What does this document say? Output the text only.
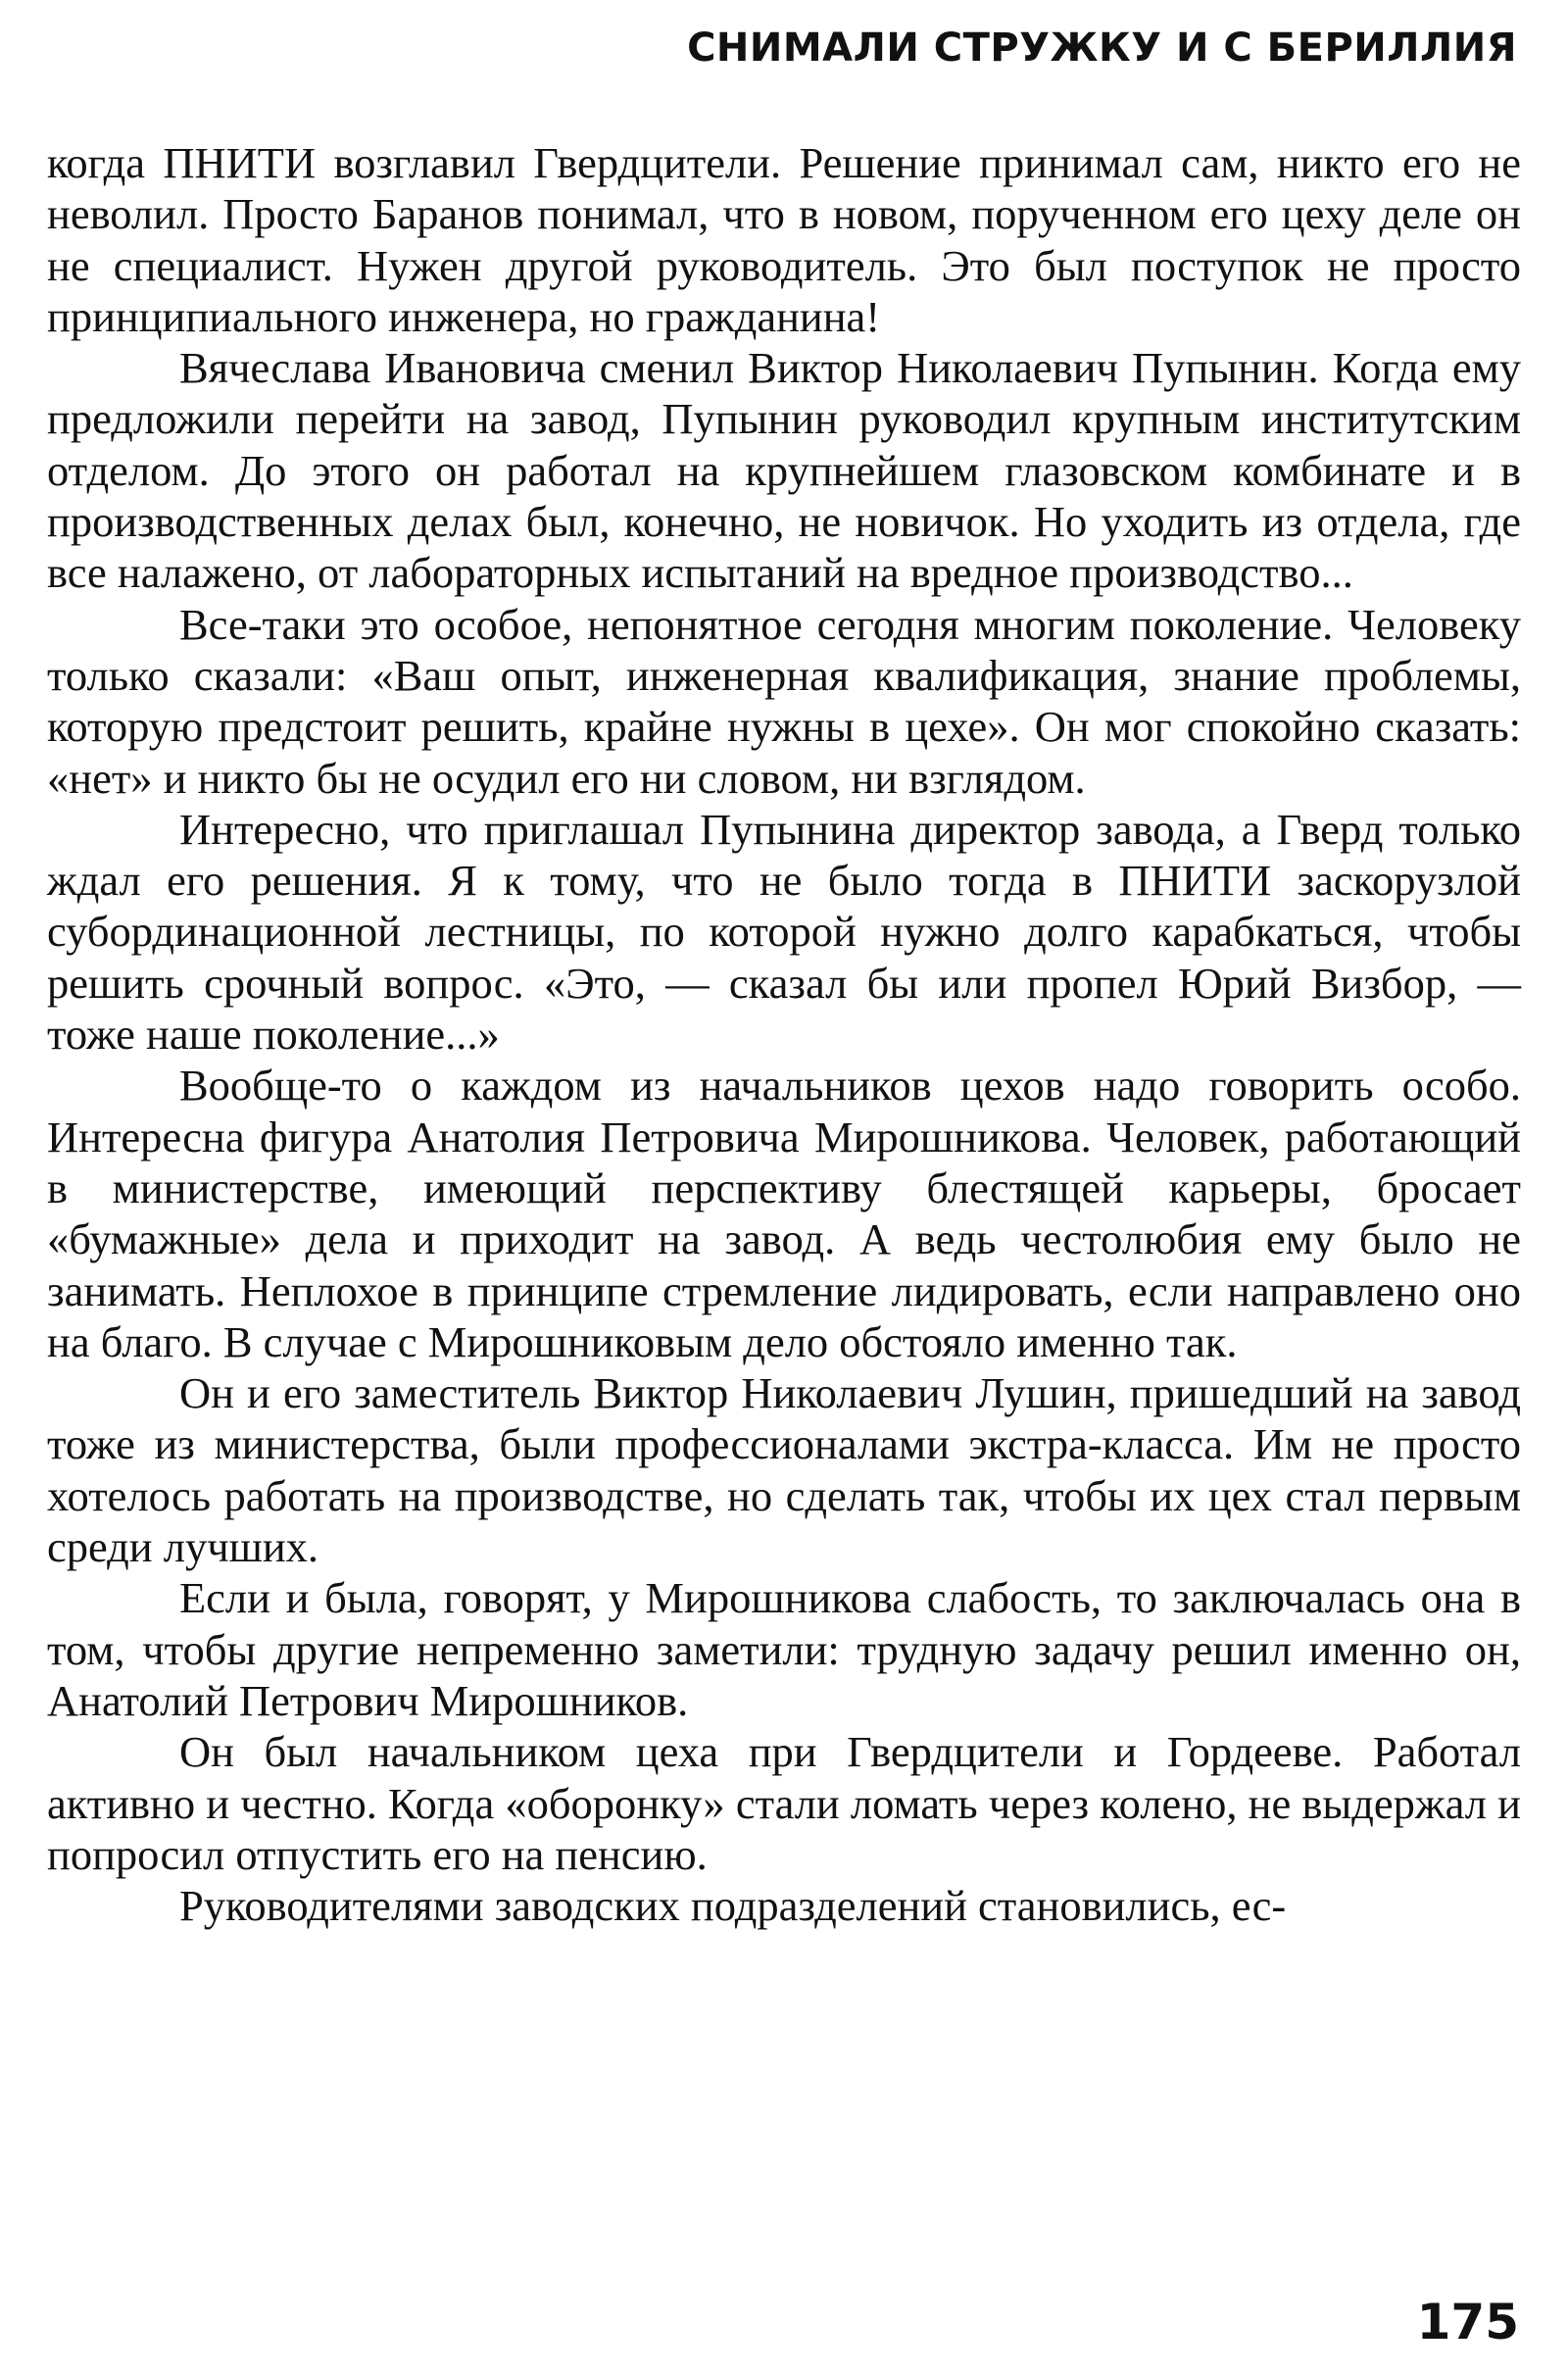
СНИМАЛИ СТРУЖКУ И С БЕРИЛЛИЯ

когда ПНИТИ возглавил Гвердцители. Решение принимал сам, никто его не неволил. Просто Баранов понимал, что в новом, порученном его цеху деле он не специалист. Нужен другой руководитель. Это был поступок не просто принципиального инженера, но гражданина!

Вячеслава Ивановича сменил Виктор Николаевич Пупынин. Когда ему предложили перейти на завод, Пупынин руководил крупным институтским отделом. До этого он работал на крупнейшем глазовском комбинате и в производственных делах был, конечно, не новичок. Но уходить из отдела, где все налажено, от лабораторных испытаний на вредное производство...

Все-таки это особое, непонятное сегодня многим поколение. Человеку только сказали: «Ваш опыт, инженерная квалификация, знание проблемы, которую предстоит решить, крайне нужны в цехе». Он мог спокойно сказать: «нет» и никто бы не осудил его ни словом, ни взглядом.

Интересно, что приглашал Пупынина директор завода, а Гверд только ждал его решения. Я к тому, что не было тогда в ПНИТИ заскорузлой субординационной лестницы, по которой нужно долго карабкаться, чтобы решить срочный вопрос. «Это, — сказал бы или пропел Юрий Визбор, — тоже наше поколение...»

Вообще-то о каждом из начальников цехов надо говорить особо. Интересна фигура Анатолия Петровича Мирошникова. Человек, работающий в министерстве, имеющий перспективу блестящей карьеры, бросает «бумажные» дела и приходит на завод. А ведь честолюбия ему было не занимать. Неплохое в принципе стремление лидировать, если направлено оно на благо. В случае с Мирошниковым дело обстояло именно так.

Он и его заместитель Виктор Николаевич Лушин, пришедший на завод тоже из министерства, были профессионалами экстра-класса. Им не просто хотелось работать на производстве, но сделать так, чтобы их цех стал первым среди лучших.

Если и была, говорят, у Мирошникова слабость, то заключалась она в том, чтобы другие непременно заметили: трудную задачу решил именно он, Анатолий Петрович Мирошников.

Он был начальником цеха при Гвердцители и Гордееве. Работал активно и честно. Когда «оборонку» стали ломать через колено, не выдержал и попросил отпустить его на пенсию.

Руководителями заводских подразделений становились, ес-

175
